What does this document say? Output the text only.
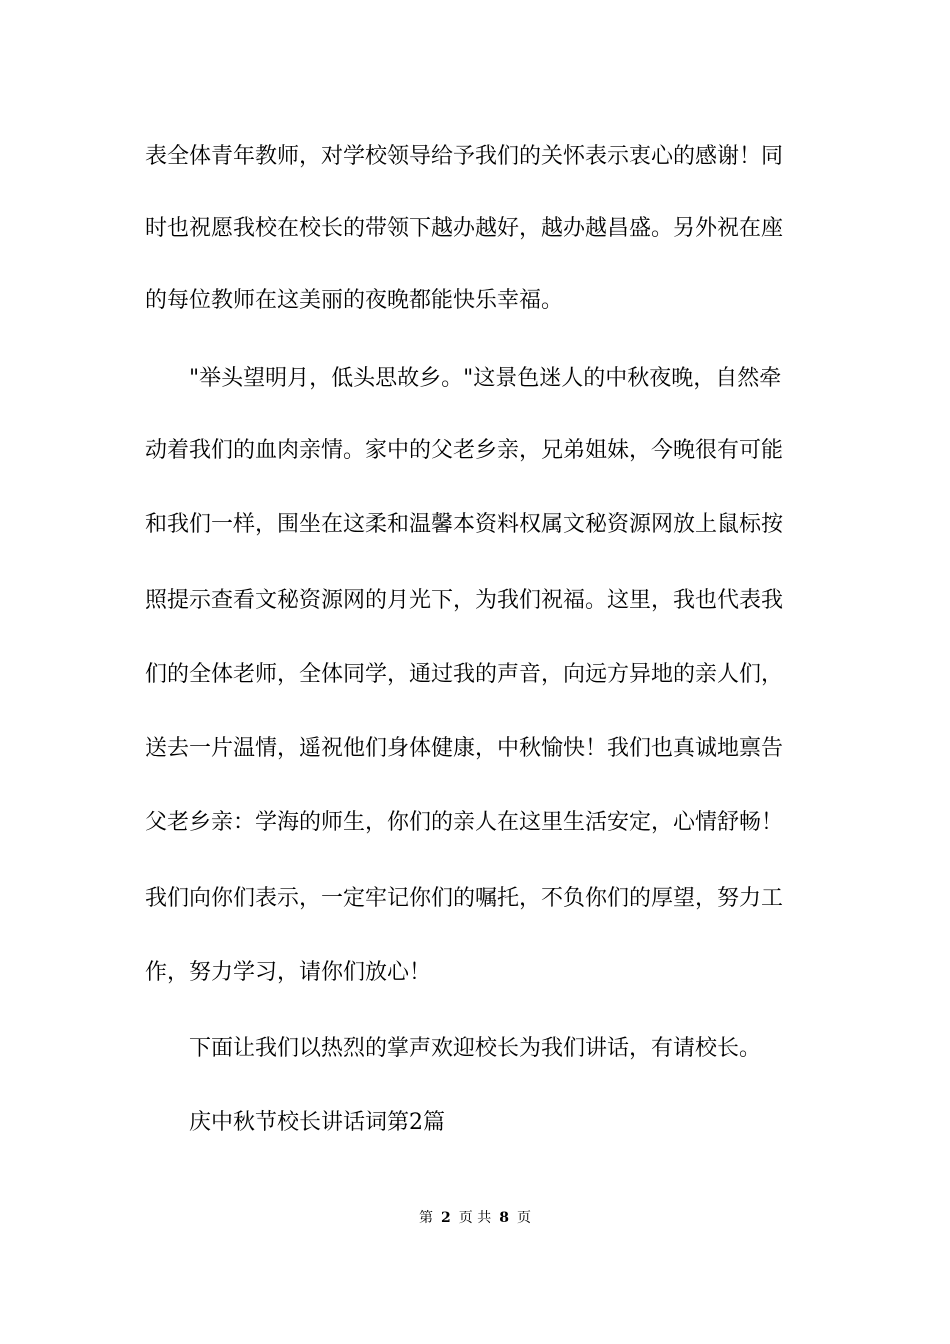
表全体青年教师，对学校领导给予我们的关怀表示衷心的感谢！同

时也祝愿我校在校长的带领下越办越好，越办越昌盛。另外祝在座

的每位教师在这美丽的夜晚都能快乐幸福。

"举头望明月，低头思故乡。"这景色迷人的中秋夜晚，自然牵

动着我们的血肉亲情。家中的父老乡亲，兄弟姐妹，今晚很有可能

和我们一样，围坐在这柔和温馨本资料权属文秘资源网放上鼠标按

照提示查看文秘资源网的月光下，为我们祝福。这里，我也代表我

们的全体老师，全体同学，通过我的声音，向远方异地的亲人们，

送去一片温情，遥祝他们身体健康，中秋愉快！我们也真诚地禀告

父老乡亲：学海的师生，你们的亲人在这里生活安定，心情舒畅！

我们向你们表示，一定牢记你们的嘱托，不负你们的厚望，努力工

作，努力学习，请你们放心！

下面让我们以热烈的掌声欢迎校长为我们讲话，有请校长。

庆中秋节校长讲话词第2篇

第 2 页 共 8 页
